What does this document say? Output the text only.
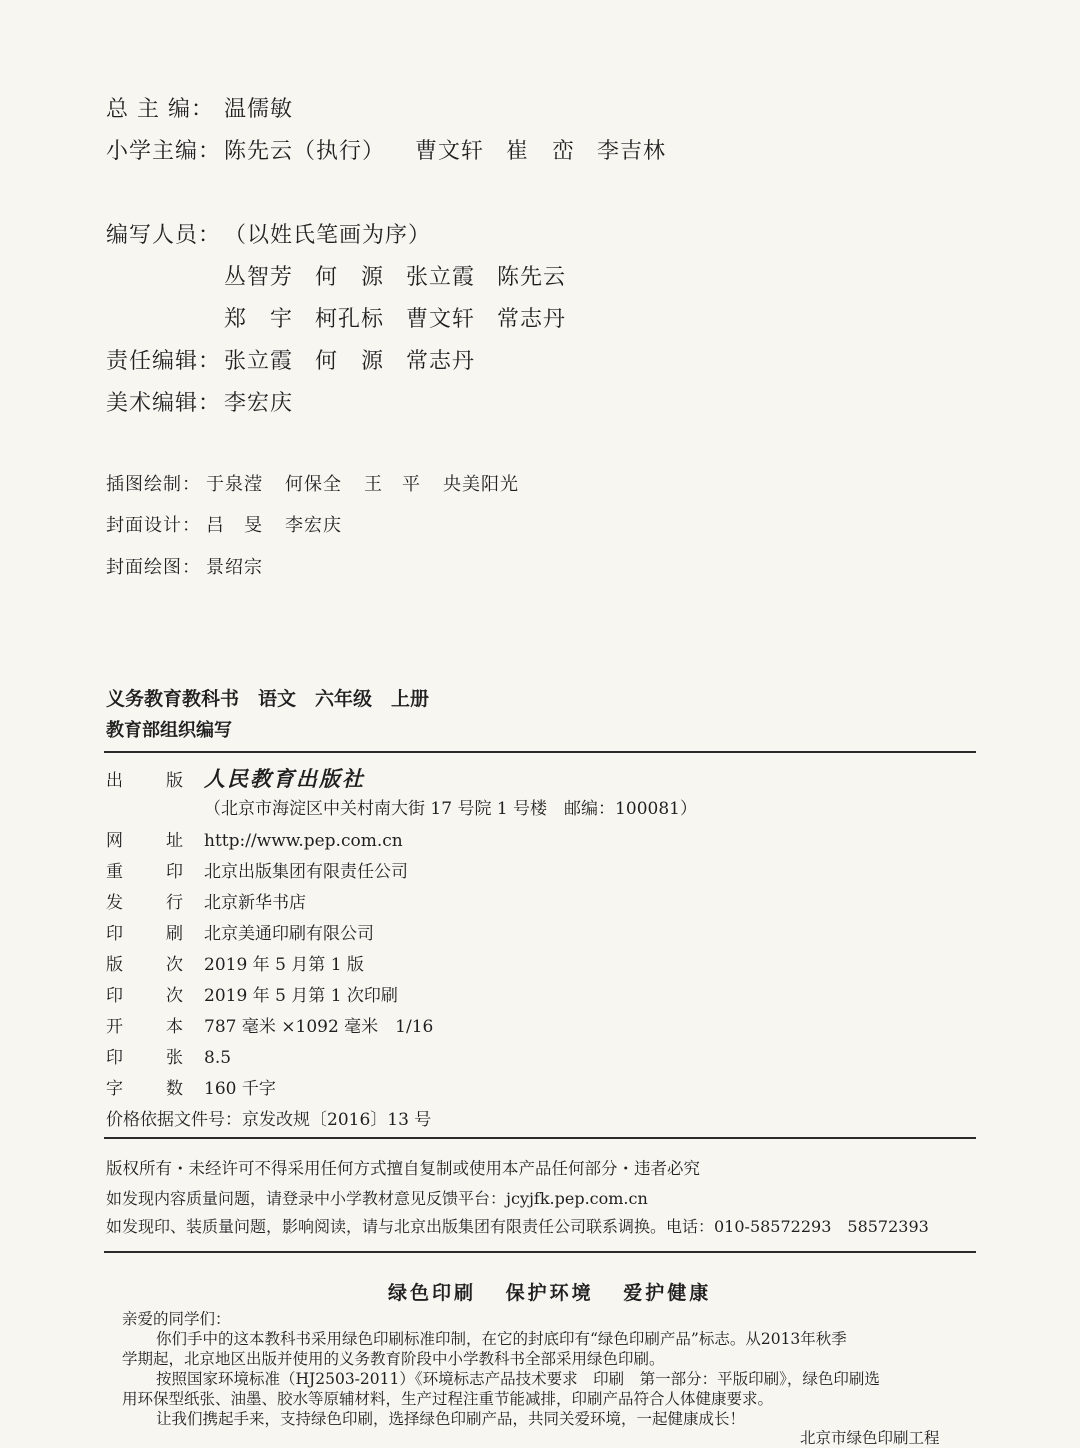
总 主 编： 温儒敏
小学主编： 陈先云（执行） 曹文轩 崔　峦 李吉林
编写人员： （以姓氏笔画为序）
丛智芳 何　源 张立霞 陈先云
郑　宇 柯孔标 曹文轩 常志丹
责任编辑： 张立霞 何　源 常志丹
美术编辑： 李宏庆
插图绘制： 于泉滢 何保全 王　平 央美阳光
封面设计： 吕　旻 李宏庆
封面绘图： 景绍宗
义务教育教科书　语文　六年级　上册
教育部组织编写
出	版	人民教育出版社
（北京市海淀区中关村南大街 17 号院 1 号楼　邮编：100081）
网	址	http://www.pep.com.cn
重	印	北京出版集团有限责任公司
发	行	北京新华书店
印	刷	北京美通印刷有限公司
版	次	2019 年 5 月第 1 版
印	次	2019 年 5 月第 1 次印刷
开	本	787 毫米 ×1092 毫米　1/16
印	张	8.5
字	数	160 千字
价格依据文件号：京发改规〔2016〕13 号
版权所有・未经许可不得采用任何方式擅自复制或使用本产品任何部分・违者必究
如发现内容质量问题，请登录中小学教材意见反馈平台：jcyjfk.pep.com.cn
如发现印、装质量问题，影响阅读，请与北京出版集团有限责任公司联系调换。电话：010-58572293　58572393
绿色印刷 保护环境 爱护健康
亲爱的同学们：
你们手中的这本教科书采用绿色印刷标准印制，在它的封底印有“绿色印刷产品”标志。从2013年秋季
学期起，北京地区出版并使用的义务教育阶段中小学教科书全部采用绿色印刷。
按照国家环境标准（HJ2503-2011）《环境标志产品技术要求　印刷　第一部分：平版印刷》，绿色印刷选
用环保型纸张、油墨、胶水等原辅材料，生产过程注重节能减排，印刷产品符合人体健康要求。
让我们携起手来，支持绿色印刷，选择绿色印刷产品，共同关爱环境，一起健康成长！
北京市绿色印刷工程
